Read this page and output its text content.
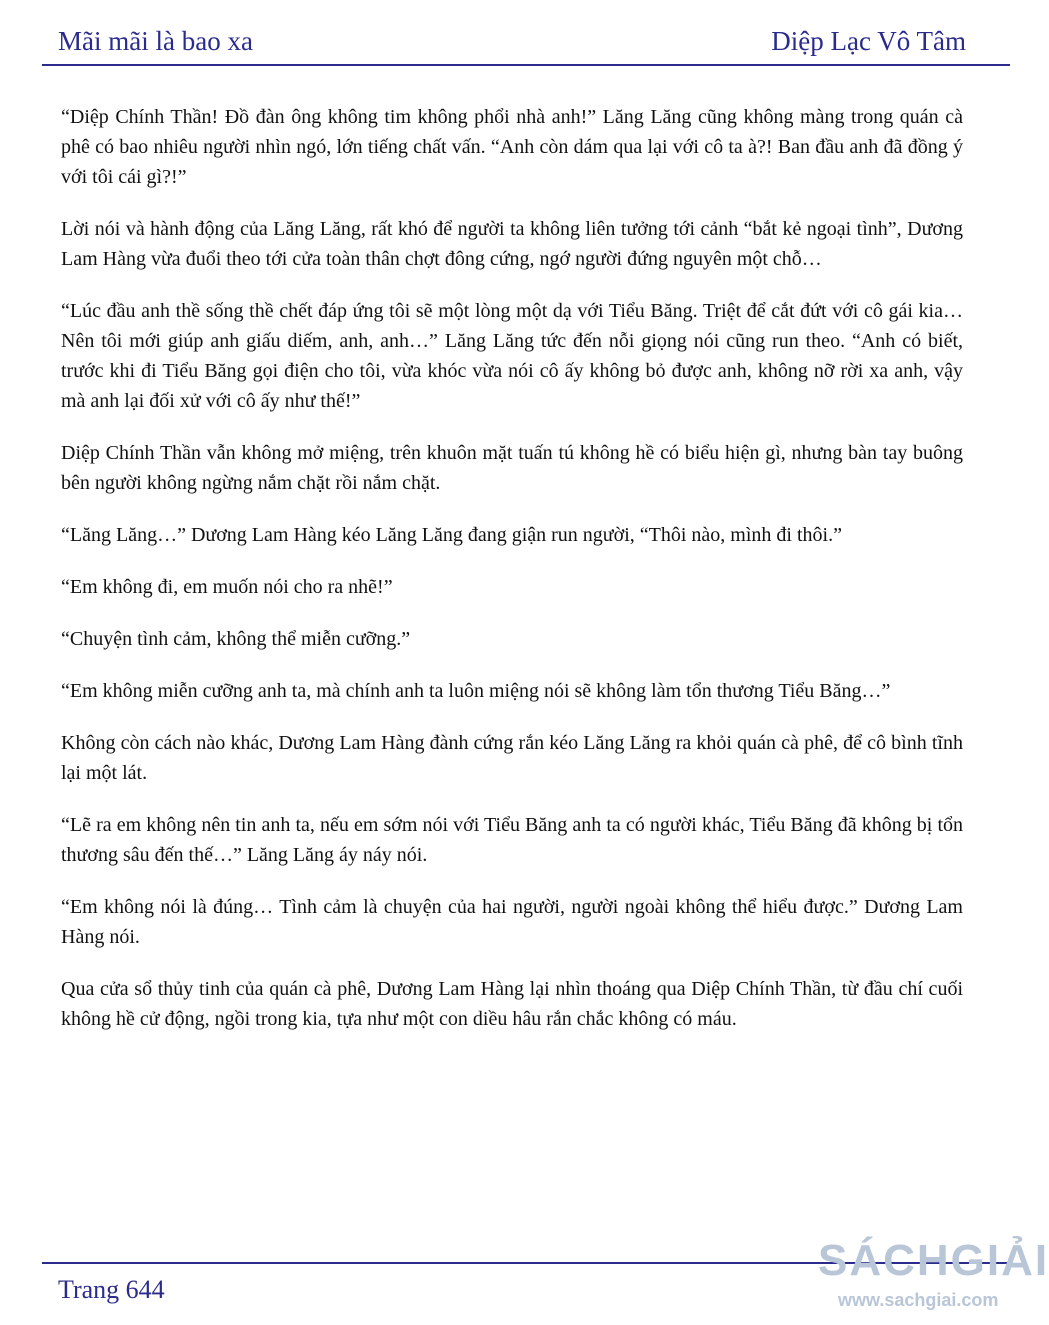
Mãi mãi là bao xa	Diệp Lạc Vô Tâm

“Diệp Chính Thần! Đồ đàn ông không tim không phổi nhà anh!” Lăng Lăng cũng không màng trong quán cà phê có bao nhiêu người nhìn ngó, lớn tiếng chất vấn. “Anh còn dám qua lại với cô ta à?! Ban đầu anh đã đồng ý với tôi cái gì?!”

Lời nói và hành động của Lăng Lăng, rất khó để người ta không liên tưởng tới cảnh “bắt kẻ ngoại tình”, Dương Lam Hàng vừa đuổi theo tới cửa toàn thân chợt đông cứng, ngớ người đứng nguyên một chỗ…

“Lúc đầu anh thề sống thề chết đáp ứng tôi sẽ một lòng một dạ với Tiểu Băng. Triệt để cắt đứt với cô gái kia… Nên tôi mới giúp anh giấu diếm, anh, anh…” Lăng Lăng tức đến nỗi giọng nói cũng run theo. “Anh có biết, trước khi đi Tiểu Băng gọi điện cho tôi, vừa khóc vừa nói cô ấy không bỏ được anh, không nỡ rời xa anh, vậy mà anh lại đối xử với cô ấy như thế!”

Diệp Chính Thần vẫn không mở miệng, trên khuôn mặt tuấn tú không hề có biểu hiện gì, nhưng bàn tay buông bên người không ngừng nắm chặt rồi nắm chặt.

“Lăng Lăng…” Dương Lam Hàng kéo Lăng Lăng đang giận run người, “Thôi nào, mình đi thôi.”

“Em không đi, em muốn nói cho ra nhẽ!”

“Chuyện tình cảm, không thể miễn cưỡng.”

“Em không miễn cưỡng anh ta, mà chính anh ta luôn miệng nói sẽ không làm tổn thương Tiểu Băng…”

Không còn cách nào khác, Dương Lam Hàng đành cứng rắn kéo Lăng Lăng ra khỏi quán cà phê, để cô bình tĩnh lại một lát.

“Lẽ ra em không nên tin anh ta, nếu em sớm nói với Tiểu Băng anh ta có người khác, Tiểu Băng đã không bị tổn thương sâu đến thế…” Lăng Lăng áy náy nói.

“Em không nói là đúng… Tình cảm là chuyện của hai người, người ngoài không thể hiểu được.” Dương Lam Hàng nói.

Qua cửa sổ thủy tinh của quán cà phê, Dương Lam Hàng lại nhìn thoáng qua Diệp Chính Thần, từ đầu chí cuối không hề cử động, ngồi trong kia, tựa như một con diều hâu rắn chắc không có máu.

Trang 644
SÁCHGIẢI
www.sachgiai.com
